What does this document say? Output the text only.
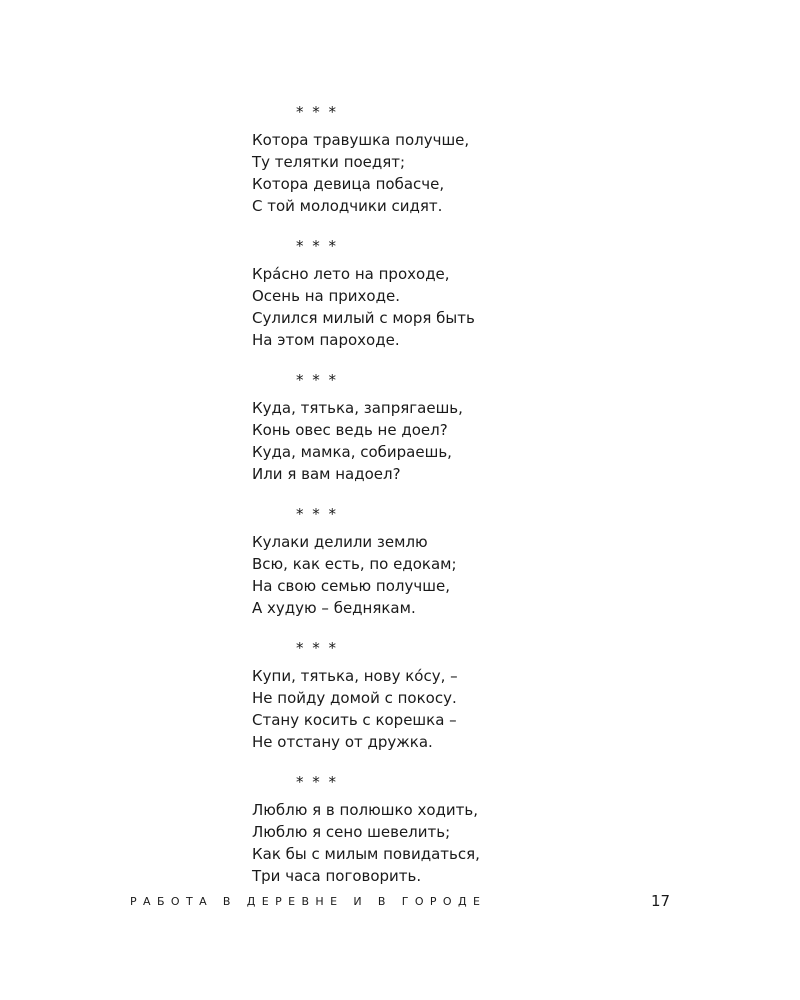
* * *
Котора травушка получше,
Ту телятки поедят;
Котора девица побасче,
С той молодчики сидят.
* * *
Кра́сно лето на проходе,
Осень на приходе.
Сулился милый с моря быть
На этом пароходе.
* * *
Куда, тятька, запрягаешь,
Конь овес ведь не доел?
Куда, мамка, собираешь,
Или я вам надоел?
* * *
Кулаки делили землю
Всю, как есть, по едокам;
На свою семью получше,
А худую – беднякам.
* * *
Купи, тятька, нову ко́су, –
Не пойду домой с покосу.
Стану косить с корешка –
Не отстану от дружка.
* * *
Люблю я в полюшко ходить,
Люблю я сено шевелить;
Как бы с милым повидаться,
Три часа поговорить.
РАБОТА В ДЕРЕВНЕ И В ГОРОДЕ	17
